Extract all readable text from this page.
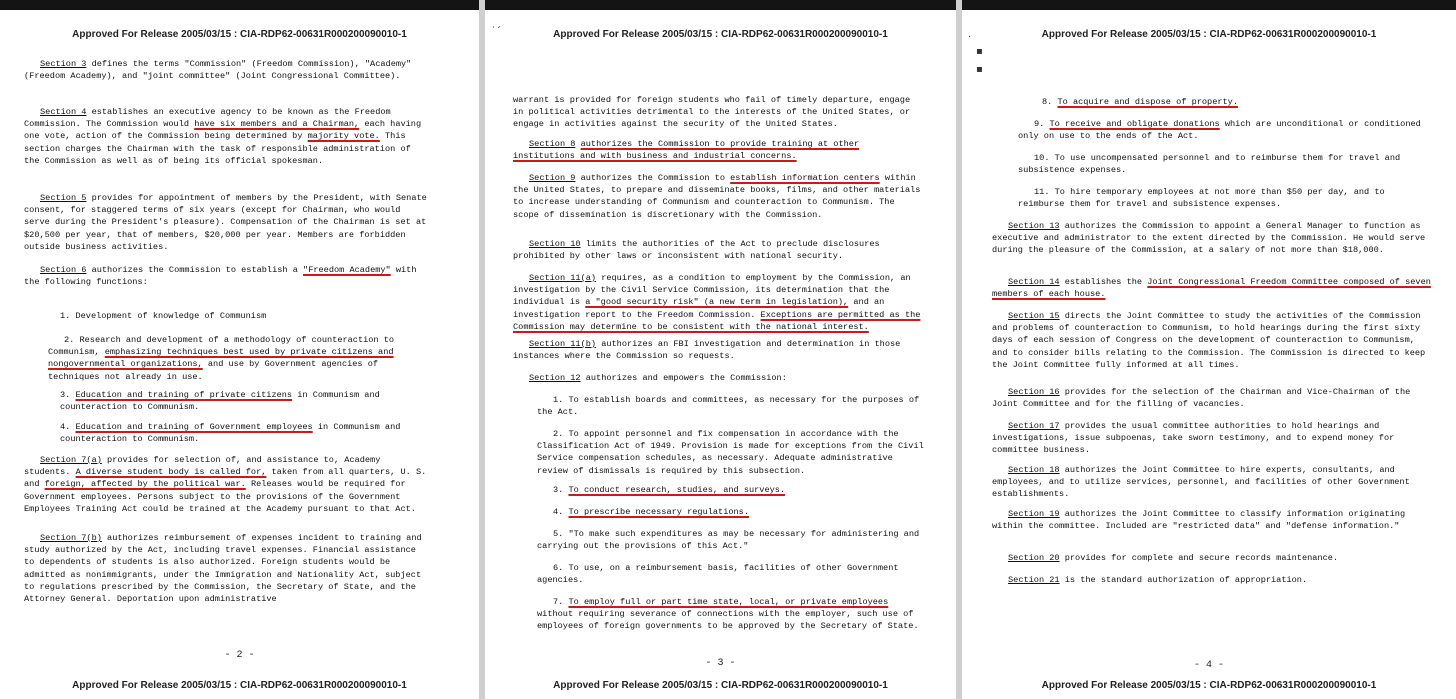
Approved For Release 2005/03/15 : CIA-RDP62-00631R000200090010-1

Section 3 defines the terms "Commission" (Freedom Commission), "Academy" (Freedom Academy), and "joint committee" (Joint Congressional Committee).

Section 4 establishes an executive agency to be known as the Freedom Commission. The Commission would have six members and a Chairman, each having one vote, action of the Commission being determined by majority vote. This section charges the Chairman with the task of responsible administration of the Commission as well as of being its official spokesman.

Section 5 provides for appointment of members by the President, with Senate consent, for staggered terms of six years (except for Chairman, who would serve during the President's pleasure). Compensation of the Chairman is set at $20,500 per year, that of members, $20,000 per year. Members are forbidden outside business activities.

Section 6 authorizes the Commission to establish a "Freedom Academy" with the following functions:

1. Development of knowledge of Communism

2. Research and development of a methodology of counteraction to Communism, emphasizing techniques best used by private citizens and nongovernmental organizations, and use by Government agencies of techniques not already in use.

3. Education and training of private citizens in Communism and counteraction to Communism.

4. Education and training of Government employees in Communism and counteraction to Communism.

Section 7(a) provides for selection of, and assistance to, Academy students. A diverse student body is called for, taken from all quarters, U. S. and foreign, affected by the political war. Releases would be required for Government employees. Persons subject to the provisions of the Government Employees Training Act could be trained at the Academy pursuant to that Act.

Section 7(b) authorizes reimbursement of expenses incident to training and study authorized by the Act, including travel expenses. Financial assistance to dependents of students is also authorized. Foreign students would be admitted as nonimmigrants, under the Immigration and Nationality Act, subject to regulations prescribed by the Commission, the Secretary of State, and the Attorney General. Deportation upon administrative

- 2 -
Approved For Release 2005/03/15 : CIA-RDP62-00631R000200090010-1
˙ˊ	Approved For Release 2005/03/15 : CIA-RDP62-00631R000200090010-1

warrant is provided for foreign students who fail of timely departure, engage in political activities detrimental to the interests of the United States, or engage in activities against the security of the United States.

Section 8 authorizes the Commission to provide training at other institutions and with business and industrial concerns.

Section 9 authorizes the Commission to establish information centers within the United States, to prepare and disseminate books, films, and other materials to increase understanding of Communism and counteraction to Communism. The scope of dissemination is discretionary with the Commission.

Section 10 limits the authorities of the Act to preclude disclosures prohibited by other laws or inconsistent with national security.

Section 11(a) requires, as a condition to employment by the Commission, an investigation by the Civil Service Commission, its determination that the individual is a "good security risk" (a new term in legislation), and an investigation report to the Freedom Commission. Exceptions are permitted as the Commission may determine to be consistent with the national interest.

Section 11(b) authorizes an FBI investigation and determination in those instances where the Commission so requests.

Section 12 authorizes and empowers the Commission:

1. To establish boards and committees, as necessary for the purposes of the Act.

2. To appoint personnel and fix compensation in accordance with the Classification Act of 1949. Provision is made for exceptions from the Civil Service compensation schedules, as necessary. Adequate administrative review of dismissals is required by this subsection.

3. To conduct research, studies, and surveys.

4. To prescribe necessary regulations.

5. "To make such expenditures as may be necessary for administering and carrying out the provisions of this Act."

6. To use, on a reimbursement basis, facilities of other Government agencies.

7. To employ full or part time state, local, or private employees without requiring severance of connections with the employer, such use of employees of foreign governments to be approved by the Secretary of State.

- 3 -
Approved For Release 2005/03/15 : CIA-RDP62-00631R000200090010-1
·
▪
▪
Approved For Release 2005/03/15 : CIA-RDP62-00631R000200090010-1

8. To acquire and dispose of property.

9. To receive and obligate donations which are unconditional or conditioned only on use to the ends of the Act.

10. To use uncompensated personnel and to reimburse them for travel and subsistence expenses.

11. To hire temporary employees at not more than $50 per day, and to reimburse them for travel and subsistence expenses.

Section 13 authorizes the Commission to appoint a General Manager to function as executive and administrator to the extent directed by the Commission. He would serve during the pleasure of the Commission, at a salary of not more than $18,000.

Section 14 establishes the Joint Congressional Freedom Committee composed of seven members of each house.

Section 15 directs the Joint Committee to study the activities of the Commission and problems of counteraction to Communism, to hold hearings during the first sixty days of each session of Congress on the development of counteraction to Communism, and to consider bills relating to the Commission. The Commission is directed to keep the Joint Committee fully informed at all times.

Section 16 provides for the selection of the Chairman and Vice-Chairman of the Joint Committee and for the filling of vacancies.

Section 17 provides the usual committee authorities to hold hearings and investigations, issue subpoenas, take sworn testimony, and to expend money for committee business.

Section 18 authorizes the Joint Committee to hire experts, consultants, and employees, and to utilize services, personnel, and facilities of other Government establishments.

Section 19 authorizes the Joint Committee to classify information originating within the committee. Included are "restricted data" and "defense information."

Section 20 provides for complete and secure records maintenance.

Section 21 is the standard authorization of appropriation.

- 4 -
Approved For Release 2005/03/15 : CIA-RDP62-00631R000200090010-1
